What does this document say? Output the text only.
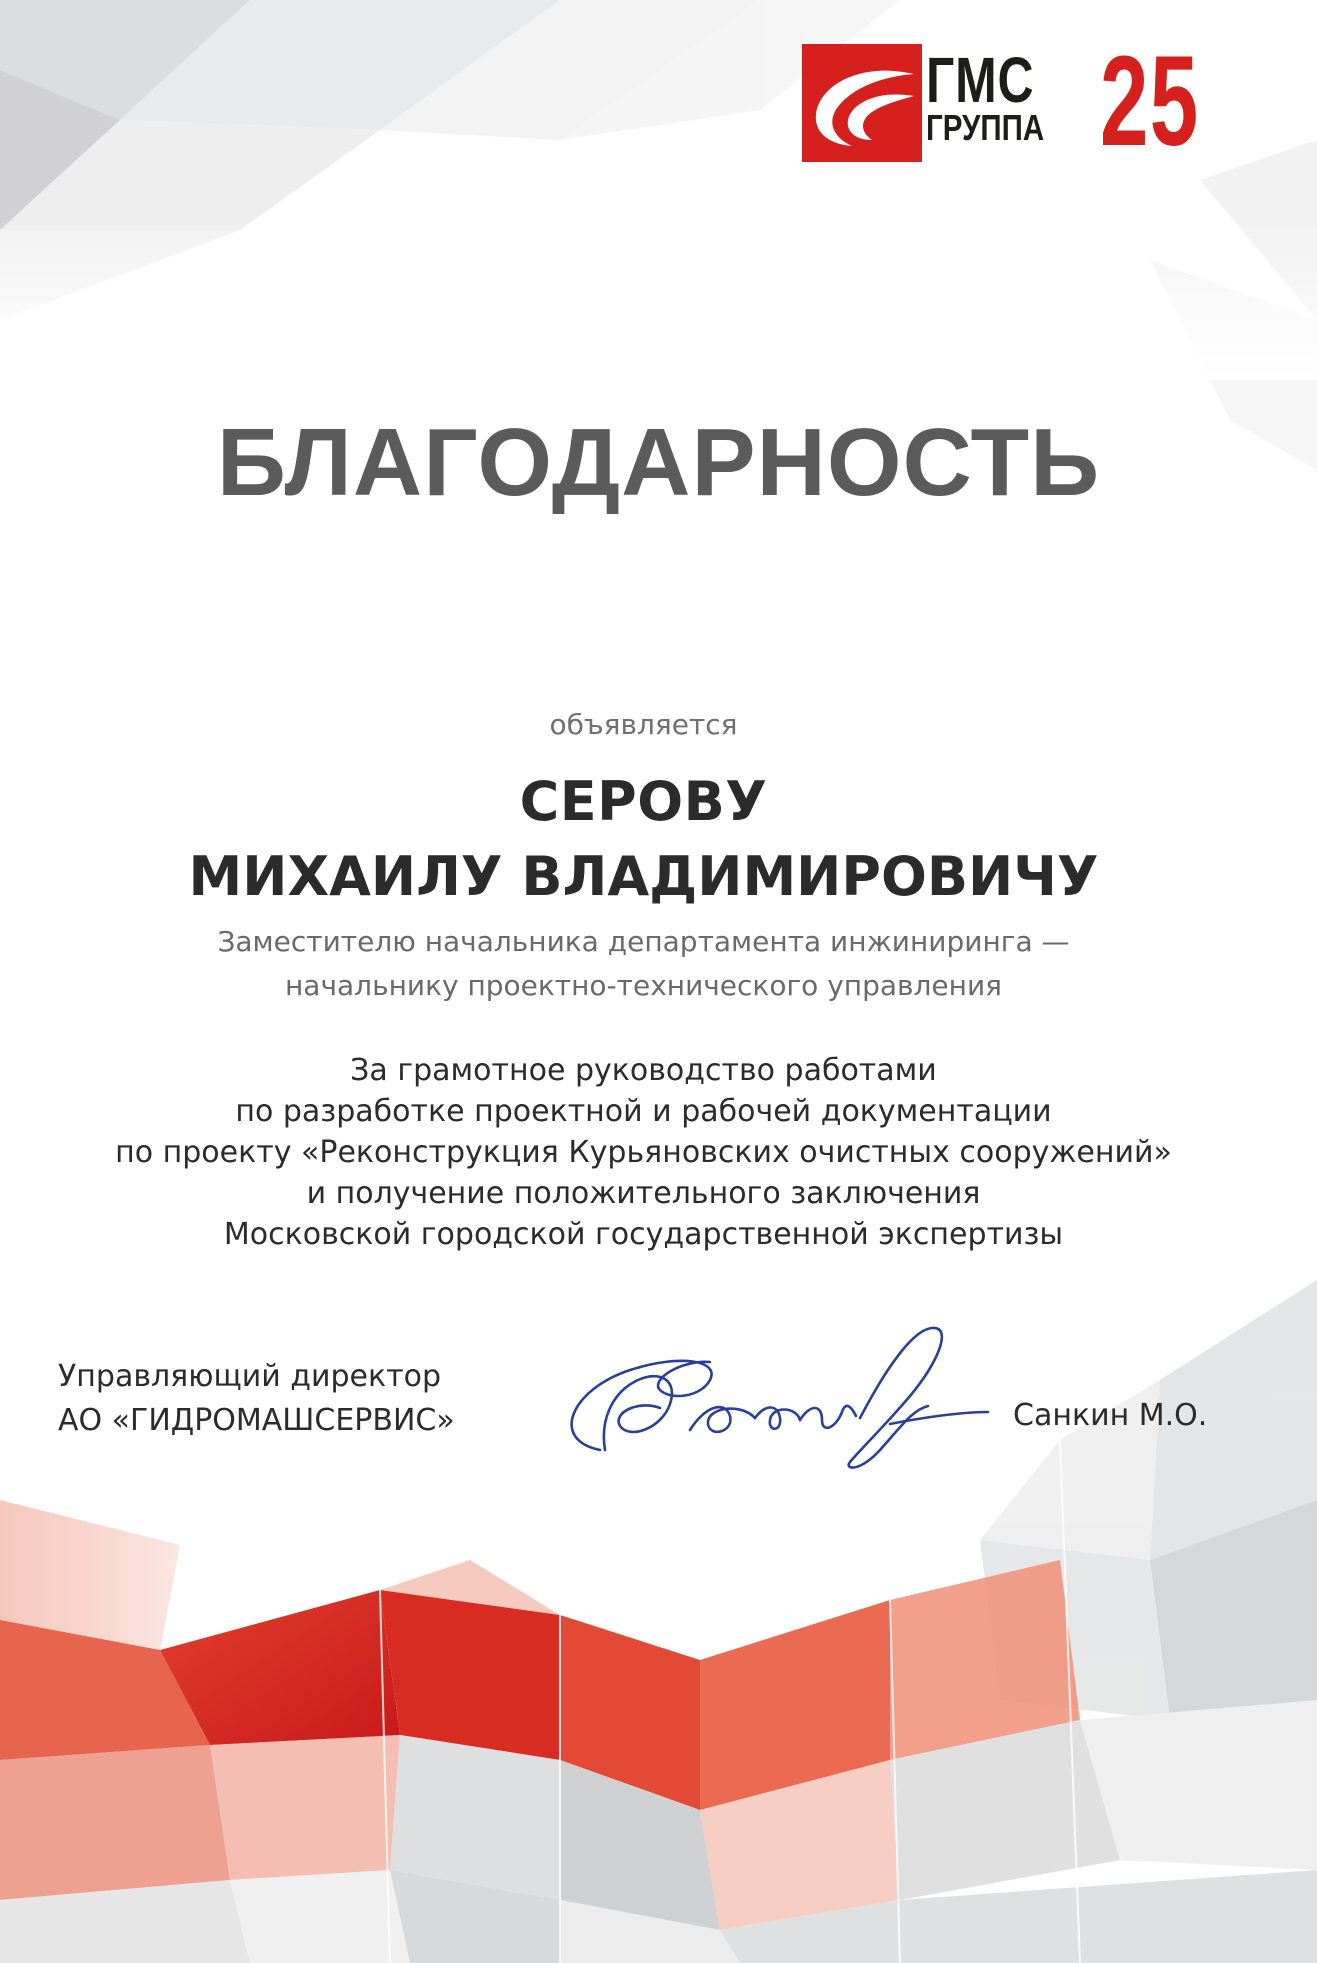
ГМС
ГРУППА 25
БЛАГОДАРНОСТЬ
объявляется
СЕРОВУ
МИХАИЛУ ВЛАДИМИРОВИЧУ
Заместителю начальника департамента инжиниринга —
начальнику проектно-технического управления
За грамотное руководство работами
по разработке проектной и рабочей документации
по проекту «Реконструкция Курьяновских очистных сооружений»
и получение положительного заключения
Московской городской государственной экспертизы
Управляющий директор
АО «ГИДРОМАШСЕРВИС»	Санкин М.О.
